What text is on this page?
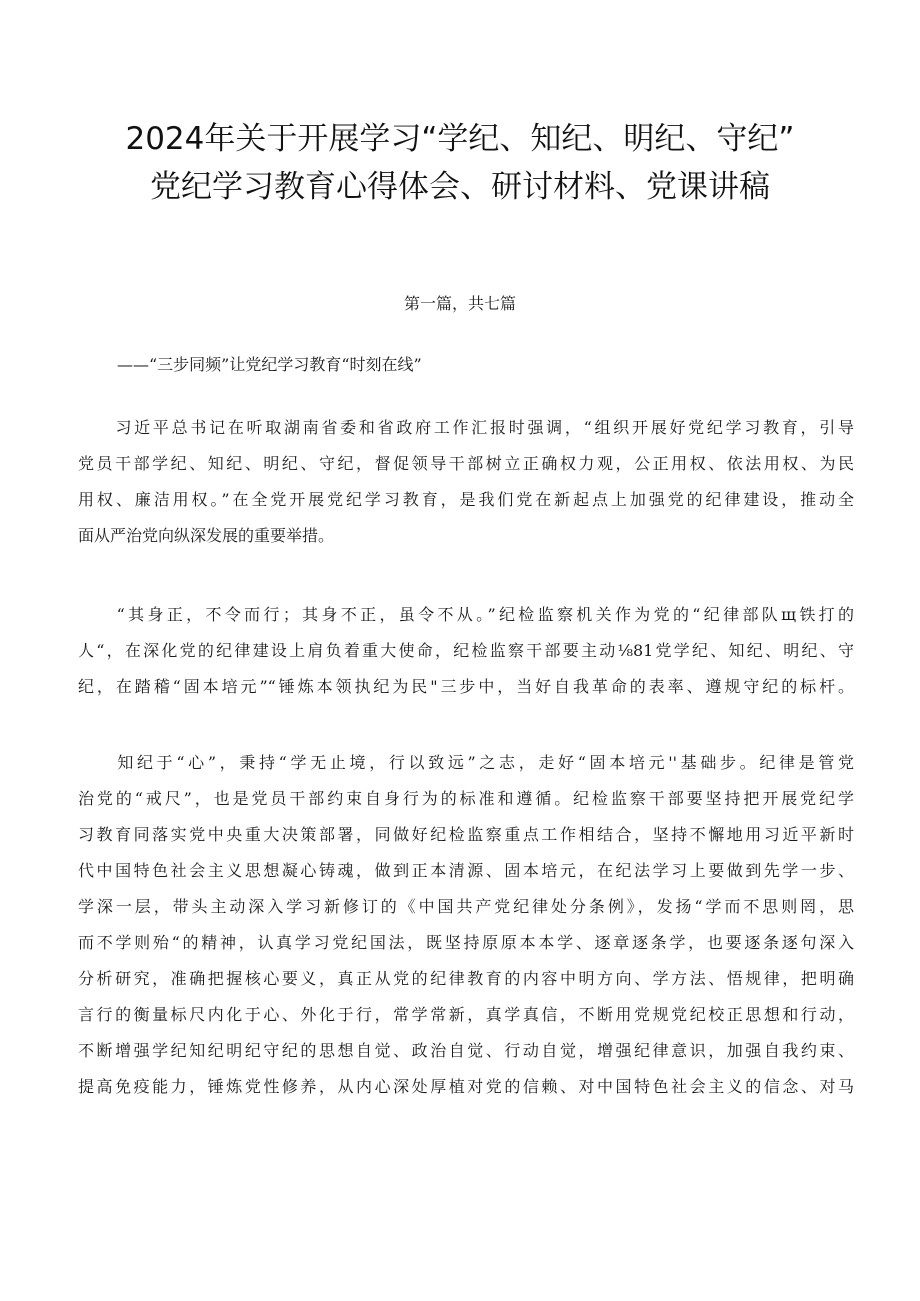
2024年关于开展学习“学纪、知纪、明纪、守纪”
党纪学习教育心得体会、研讨材料、党课讲稿
第一篇，共七篇
——“三步同频”让党纪学习教育“时刻在线”
　　习近平总书记在听取湖南省委和省政府工作汇报时强调，“组织开展好党纪学习教育，引导
党员干部学纪、知纪、明纪、守纪，督促领导干部树立正确权力观，公正用权、依法用权、为民
用权、廉洁用权。”在全党开展党纪学习教育，是我们党在新起点上加强党的纪律建设，推动全
面从严治党向纵深发展的重要举措。
　　“其身正，不令而行；其身不正，虽令不从。”纪检监察机关作为党的“纪律部队щ铁打的
人“，在深化党的纪律建设上肩负着重大使命，纪检监察干部要主动⅛81党学纪、知纪、明纪、守
纪，在踏稽“固本培元”“锤炼本领执纪为民"三步中，当好自我革命的表率、遵规守纪的标杆。
　　知纪于“心”，秉持“学无止境，行以致远”之志，走好“固本培元''基础步。纪律是管党
治党的“戒尺”，也是党员干部约束自身行为的标准和遵循。纪检监察干部要坚持把开展党纪学
习教育同落实党中央重大决策部署，同做好纪检监察重点工作相结合，坚持不懈地用习近平新时
代中国特色社会主义思想凝心铸魂，做到正本清源、固本培元，在纪法学习上要做到先学一步、
学深一层，带头主动深入学习新修订的《中国共产党纪律处分条例》，发扬“学而不思则罔，思
而不学则殆“的精神，认真学习党纪国法，既坚持原原本本学、逐章逐条学，也要逐条逐句深入
分析研究，准确把握核心要义，真正从党的纪律教育的内容中明方向、学方法、悟规律，把明确
言行的衡量标尺内化于心、外化于行，常学常新，真学真信，不断用党规党纪校正思想和行动，
不断增强学纪知纪明纪守纪的思想自觉、政治自觉、行动自觉，增强纪律意识，加强自我约束、
提高免疫能力，锤炼党性修养，从内心深处厚植对党的信赖、对中国特色社会主义的信念、对马
